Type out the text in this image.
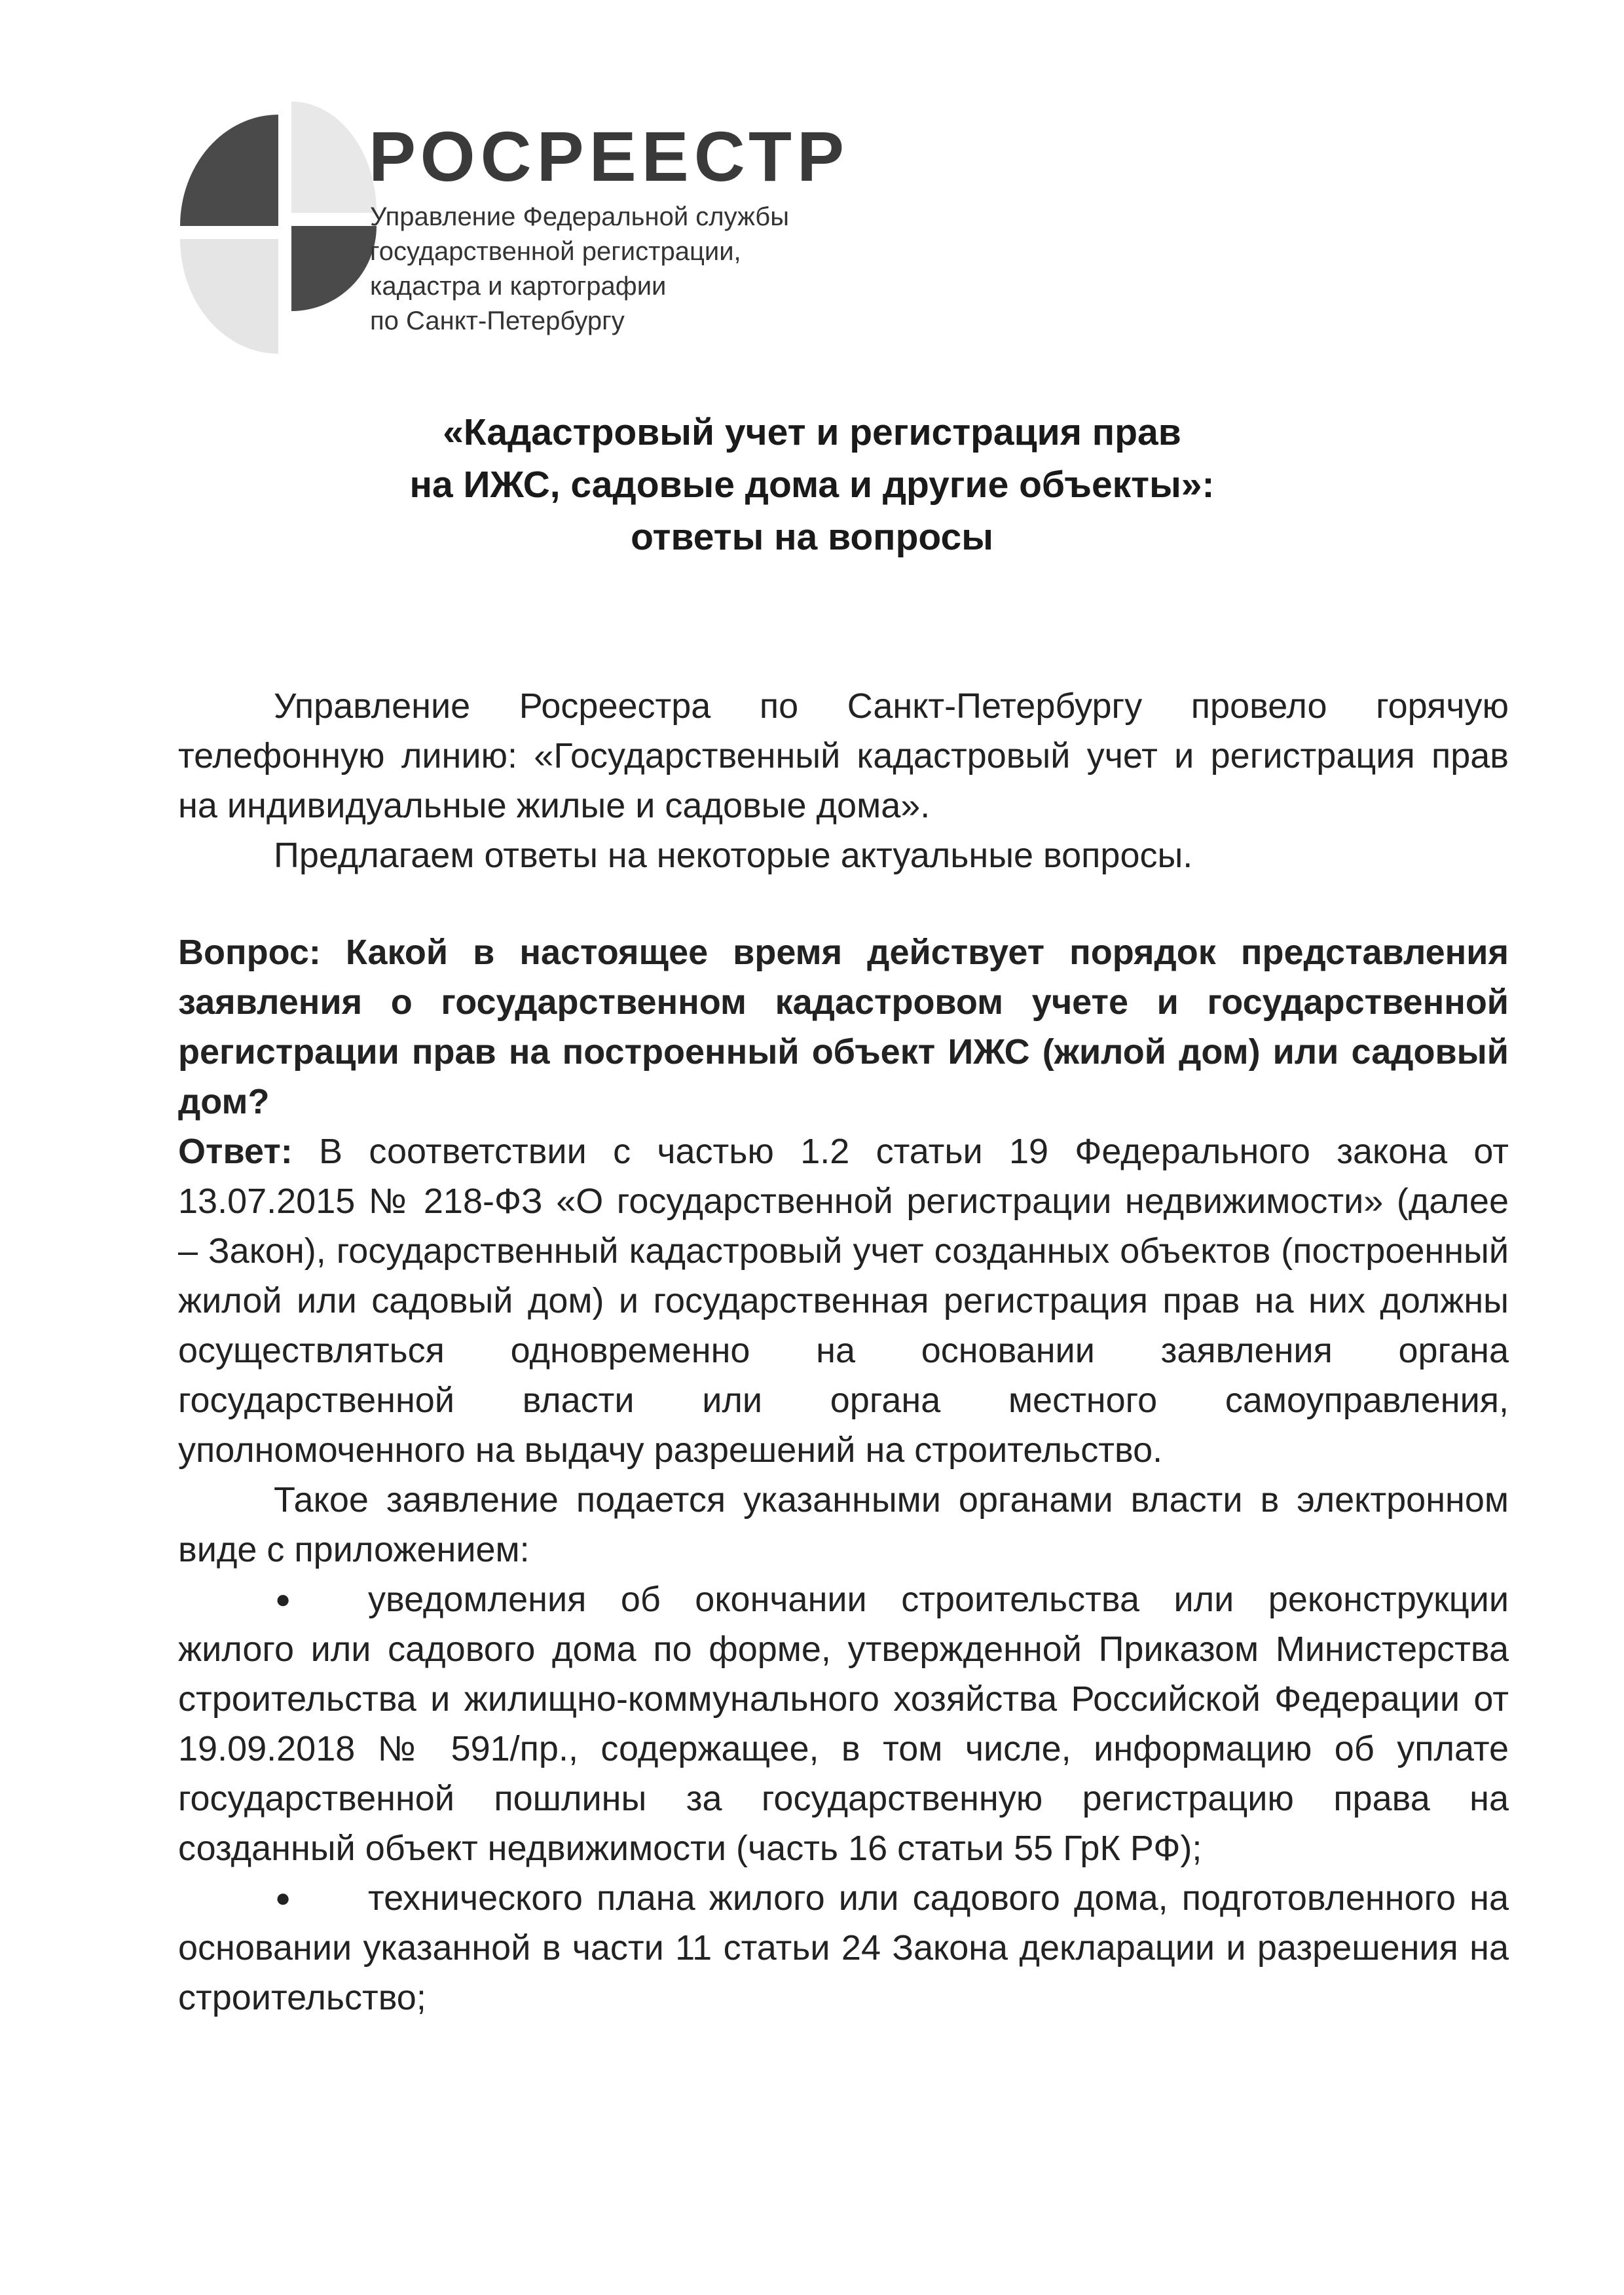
РОСРЕЕСТР
Управление Федеральной службы
государственной регистрации,
кадастра и картографии
по Санкт-Петербургу
«Кадастровый учет и регистрация прав
на ИЖС, садовые дома и другие объекты»:
ответы на вопросы

Управление Росреестра по Санкт-Петербургу провело горячую телефонную линию: «Государственный кадастровый учет и регистрация прав на индивидуальные жилые и садовые дома».

Предлагаем ответы на некоторые актуальные вопросы.

Вопрос: Какой в настоящее время действует порядок представления заявления о государственном кадастровом учете и государственной регистрации прав на построенный объект ИЖС (жилой дом) или садовый дом?

Ответ: В соответствии с частью 1.2 статьи 19 Федерального закона от 13.07.2015 № 218-ФЗ «О государственной регистрации недвижимости» (далее – Закон), государственный кадастровый учет созданных объектов (построенный жилой или садовый дом) и государственная регистрация прав на них должны осуществляться одновременно на основании заявления органа государственной власти или органа местного самоуправления, уполномоченного на выдачу разрешений на строительство.

Такое заявление подается указанными органами власти в электронном виде с приложением:

● уведомления об окончании строительства или реконструкции жилого или садового дома по форме, утвержденной Приказом Министерства строительства и жилищно-коммунального хозяйства Российской Федерации от 19.09.2018 № 591/пр., содержащее, в том числе, информацию об уплате государственной пошлины за государственную регистрацию права на созданный объект недвижимости (часть 16 статьи 55 ГрК РФ);

● технического плана жилого или садового дома, подготовленного на основании указанной в части 11 статьи 24 Закона декларации и разрешения на строительство;
